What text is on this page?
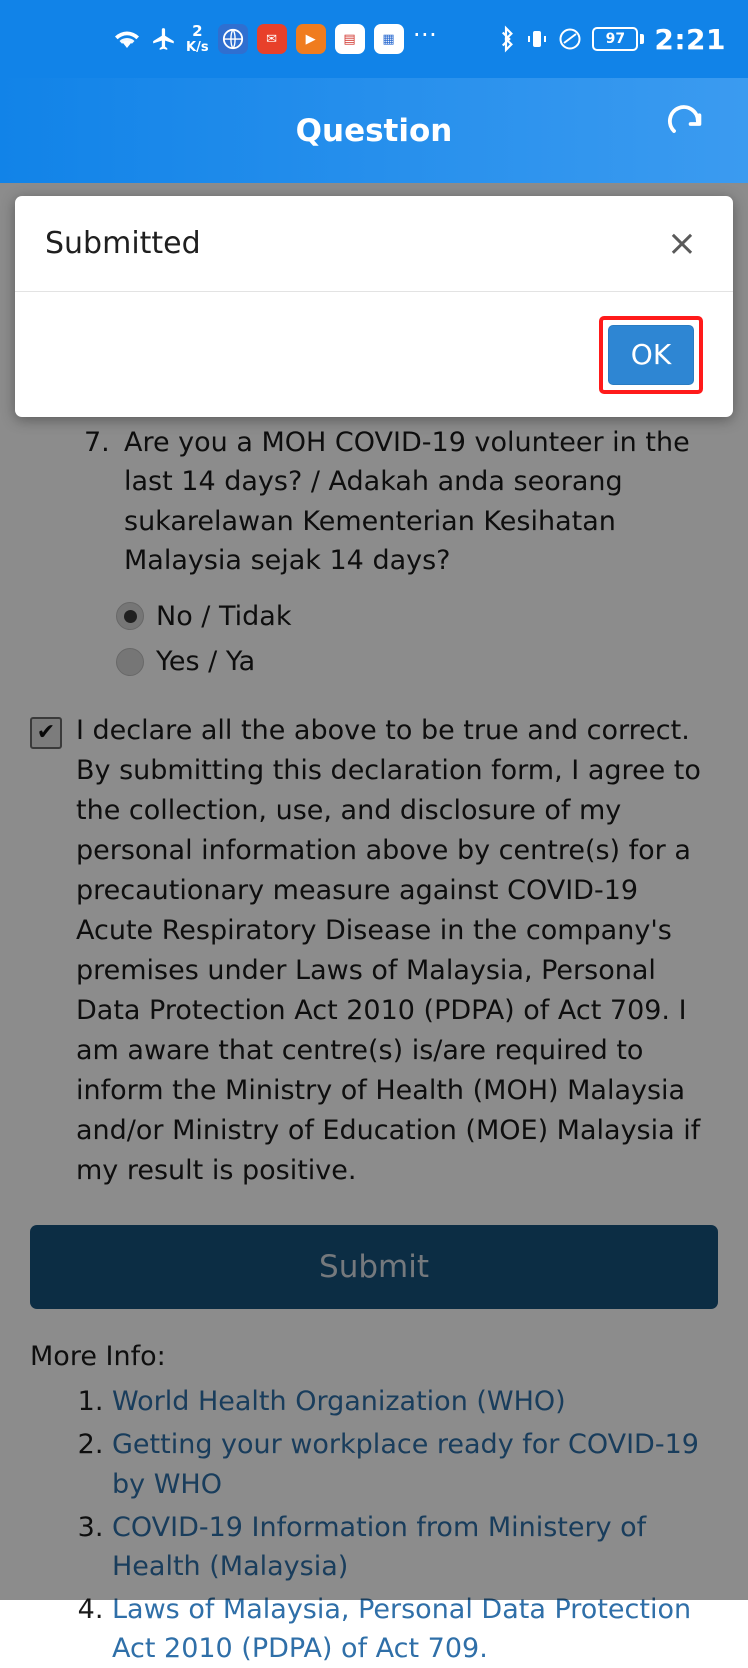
2
K/s
✉	▶	▤	▦ ⋯	97	2:21
Question
7. Are you a MOH COVID-19 volunteer in the last 14 days? / Adakah anda seorang sukarelawan Kementerian Kesihatan Malaysia sejak 14 days?
No / Tidak
Yes / Ya
✔ I declare all the above to be true and correct. By submitting this declaration form, I agree to the collection, use, and disclosure of my personal information above by centre(s) for a precautionary measure against COVID-19 Acute Respiratory Disease in the company's premises under Laws of Malaysia, Personal Data Protection Act 2010 (PDPA) of Act 709. I am aware that centre(s) is/are required to inform the Ministry of Health (MOH) Malaysia and/or Ministry of Education (MOE) Malaysia if my result is positive.
Submit
More Info:
1. World Health Organization (WHO)
2. Getting your workplace ready for COVID-19 by WHO
3. COVID-19 Information from Ministery of Health (Malaysia)
4. Laws of Malaysia, Personal Data Protection Act 2010 (PDPA) of Act 709.
Submitted	×
OK
